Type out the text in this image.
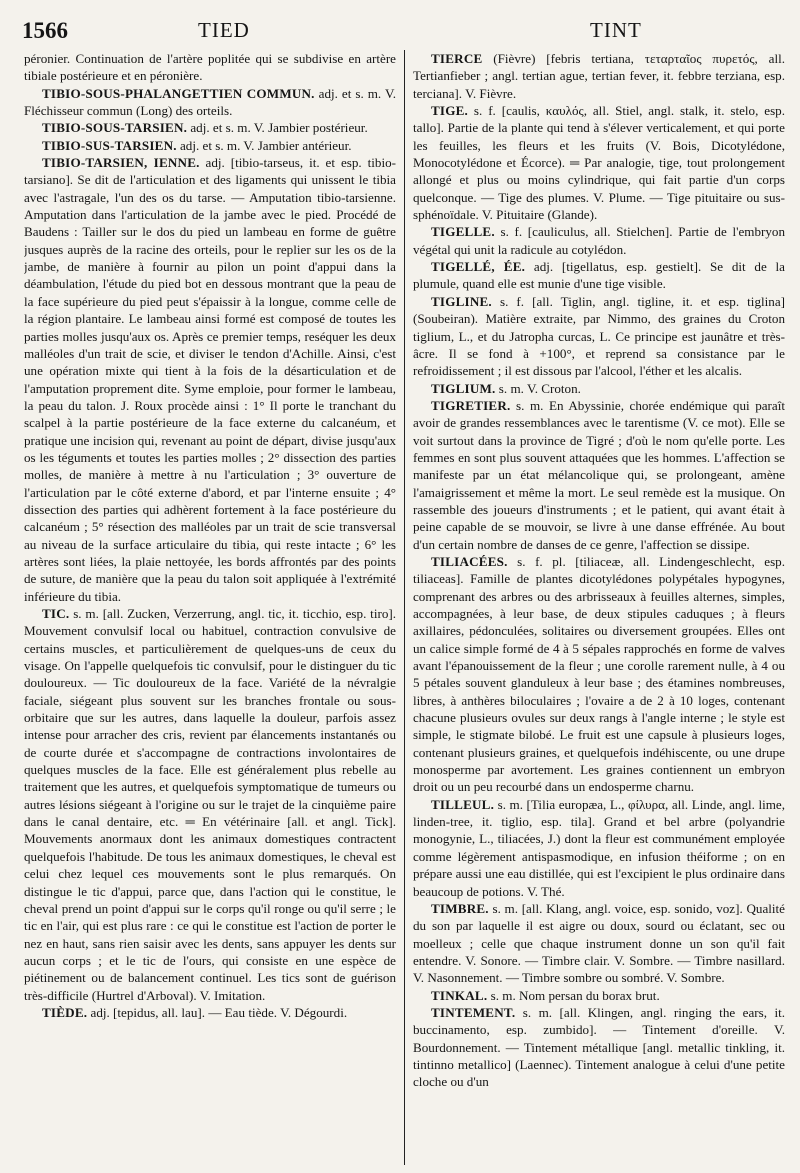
1566	TIED	TINT

péronier. Continuation de l'artère poplitée qui se subdivise en artère tibiale postérieure et en péronière.

TIBIO-SOUS-PHALANGETTIEN COMMUN. adj. et s. m. V. Fléchisseur commun (Long) des orteils.

TIBIO-SOUS-TARSIEN. adj. et s. m. V. Jambier postérieur.

TIBIO-SUS-TARSIEN. adj. et s. m. V. Jambier antérieur.

TIBIO-TARSIEN, IENNE. adj. [tibio-tarseus, it. et esp. tibio-tarsiano]. Se dit de l'articulation et des ligaments qui unissent le tibia avec l'astragale, l'un des os du tarse. — Amputation tibio-tarsienne. Amputation dans l'articulation de la jambe avec le pied. Procédé de Baudens : Tailler sur le dos du pied un lambeau en forme de guêtre jusques auprès de la racine des orteils, pour le replier sur les os de la jambe, de manière à fournir au pilon un point d'appui dans la déambulation, l'étude du pied bot en dessous montrant que la peau de la face supérieure du pied peut s'épaissir à la longue, comme celle de la région plantaire. Le lambeau ainsi formé est composé de toutes les parties molles jusqu'aux os. Après ce premier temps, reséquer les deux malléoles d'un trait de scie, et diviser le tendon d'Achille. Ainsi, c'est une opération mixte qui tient à la fois de la désarticulation et de l'amputation proprement dite. Syme emploie, pour former le lambeau, la peau du talon. J. Roux procède ainsi : 1° Il porte le tranchant du scalpel à la partie postérieure de la face externe du calcanéum, et pratique une incision qui, revenant au point de départ, divise jusqu'aux os les téguments et toutes les parties molles ; 2° dissection des parties molles, de manière à mettre à nu l'articulation ; 3° ouverture de l'articulation par le côté externe d'abord, et par l'interne ensuite ; 4° dissection des parties qui adhèrent fortement à la face postérieure du calcanéum ; 5° résection des malléoles par un trait de scie transversal au niveau de la surface articulaire du tibia, qui reste intacte ; 6° les artères sont liées, la plaie nettoyée, les bords affrontés par des points de suture, de manière que la peau du talon soit appliquée à l'extrémité inférieure du tibia.

TIC. s. m. [all. Zucken, Verzerrung, angl. tic, it. ticchio, esp. tiro]. Mouvement convulsif local ou habituel, contraction convulsive de certains muscles, et particulièrement de quelques-uns de ceux du visage. On l'appelle quelquefois tic convulsif, pour le distinguer du tic douloureux. — Tic douloureux de la face. Variété de la névralgie faciale, siégeant plus souvent sur les branches frontale ou sous-orbitaire que sur les autres, dans laquelle la douleur, parfois assez intense pour arracher des cris, revient par élancements instantanés ou de courte durée et s'accompagne de contractions involontaires de quelques muscles de la face. Elle est généralement plus rebelle au traitement que les autres, et quelquefois symptomatique de tumeurs ou autres lésions siégeant à l'origine ou sur le trajet de la cinquième paire dans le canal dentaire, etc. ═ En vétérinaire [all. et angl. Tick]. Mouvements anormaux dont les animaux domestiques contractent quelquefois l'habitude. De tous les animaux domestiques, le cheval est celui chez lequel ces mouvements sont le plus remarqués. On distingue le tic d'appui, parce que, dans l'action qui le constitue, le cheval prend un point d'appui sur le corps qu'il ronge ou qu'il serre ; le tic en l'air, qui est plus rare : ce qui le constitue est l'action de porter le nez en haut, sans rien saisir avec les dents, sans appuyer les dents sur aucun corps ; et le tic de l'ours, qui consiste en une espèce de piétinement ou de balancement continuel. Les tics sont de guérison très-difficile (Hurtrel d'Arboval). V. Imitation.

TIÈDE. adj. [tepidus, all. lau]. — Eau tiède. V. Dégourdi.

TIERCE (Fièvre) [febris tertiana, τεταρταῖος πυρετός, all. Tertianfieber ; angl. tertian ague, tertian fever, it. febbre terziana, esp. terciana]. V. Fièvre.

TIGE. s. f. [caulis, καυλός, all. Stiel, angl. stalk, it. stelo, esp. tallo]. Partie de la plante qui tend à s'élever verticalement, et qui porte les feuilles, les fleurs et les fruits (V. Bois, Dicotylédone, Monocotylédone et Écorce). ═ Par analogie, tige, tout prolongement allongé et plus ou moins cylindrique, qui fait partie d'un corps quelconque. — Tige des plumes. V. Plume. — Tige pituitaire ou sus-sphénoïdale. V. Pituitaire (Glande).

TIGELLE. s. f. [cauliculus, all. Stielchen]. Partie de l'embryon végétal qui unit la radicule au cotylédon.

TIGELLÉ, ÉE. adj. [tigellatus, esp. gestielt]. Se dit de la plumule, quand elle est munie d'une tige visible.

TIGLINE. s. f. [all. Tiglin, angl. tigline, it. et esp. tiglina] (Soubeiran). Matière extraite, par Nimmo, des graines du Croton tiglium, L., et du Jatropha curcas, L. Ce principe est jaunâtre et très-âcre. Il se fond à +100°, et reprend sa consistance par le refroidissement ; il est dissous par l'alcool, l'éther et les alcalis.

TIGLIUM. s. m. V. Croton.

TIGRETIER. s. m. En Abyssinie, chorée endémique qui paraît avoir de grandes ressemblances avec le tarentisme (V. ce mot). Elle se voit surtout dans la province de Tigré ; d'où le nom qu'elle porte. Les femmes en sont plus souvent attaquées que les hommes. L'affection se manifeste par un état mélancolique qui, se prolongeant, amène l'amaigrissement et même la mort. Le seul remède est la musique. On rassemble des joueurs d'instruments ; et le patient, qui avant était à peine capable de se mouvoir, se livre à une danse effrénée. Au bout d'un certain nombre de danses de ce genre, l'affection se dissipe.

TILIACÉES. s. f. pl. [tiliaceæ, all. Lindengeschlecht, esp. tiliaceas]. Famille de plantes dicotylédones polypétales hypogynes, comprenant des arbres ou des arbrisseaux à feuilles alternes, simples, accompagnées, à leur base, de deux stipules caduques ; à fleurs axillaires, pédonculées, solitaires ou diversement groupées. Elles ont un calice simple formé de 4 à 5 sépales rapprochés en forme de valves avant l'épanouissement de la fleur ; une corolle rarement nulle, à 4 ou 5 pétales souvent glanduleux à leur base ; des étamines nombreuses, libres, à anthères biloculaires ; l'ovaire a de 2 à 10 loges, contenant chacune plusieurs ovules sur deux rangs à l'angle interne ; le style est simple, le stigmate bilobé. Le fruit est une capsule à plusieurs loges, contenant plusieurs graines, et quelquefois indéhiscente, ou une drupe monosperme par avortement. Les graines contiennent un embryon droit ou un peu recourbé dans un endosperme charnu.

TILLEUL. s. m. [Tilia europæa, L., φίλυρα, all. Linde, angl. lime, linden-tree, it. tiglio, esp. tila]. Grand et bel arbre (polyandrie monogynie, L., tiliacées, J.) dont la fleur est communément employée comme légèrement antispasmodique, en infusion théiforme ; on en prépare aussi une eau distillée, qui est l'excipient le plus ordinaire dans beaucoup de potions. V. Thé.

TIMBRE. s. m. [all. Klang, angl. voice, esp. sonido, voz]. Qualité du son par laquelle il est aigre ou doux, sourd ou éclatant, sec ou moelleux ; celle que chaque instrument donne un son qu'il fait entendre. V. Sonore. — Timbre clair. V. Sombre. — Timbre nasillard. V. Nasonnement. — Timbre sombre ou sombré. V. Sombre.

TINKAL. s. m. Nom persan du borax brut.

TINTEMENT. s. m. [all. Klingen, angl. ringing the ears, it. buccinamento, esp. zumbido]. — Tintement d'oreille. V. Bourdonnement. — Tintement métallique [angl. metallic tinkling, it. tintinno metallico] (Laennec). Tintement analogue à celui d'une petite cloche ou d'un
